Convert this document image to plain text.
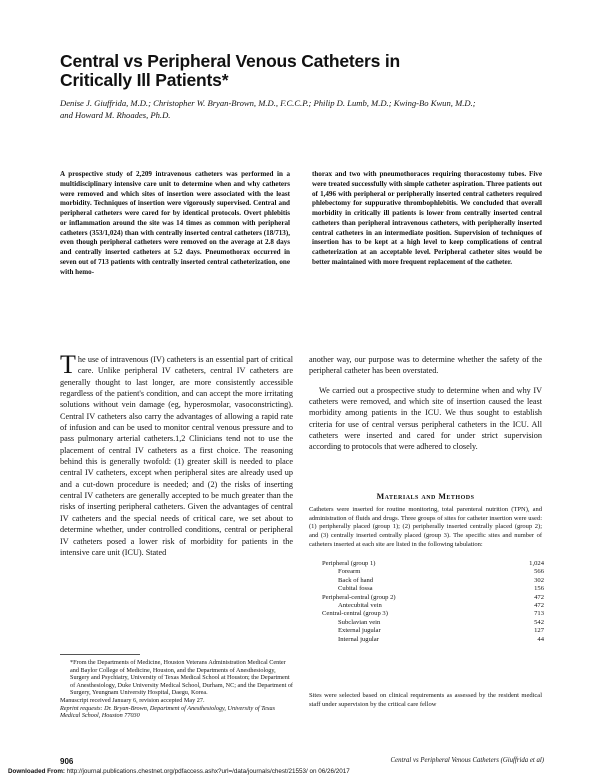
Central vs Peripheral Venous Catheters in Critically Ill Patients*
Denise J. Giuffrida, M.D.; Christopher W. Bryan-Brown, M.D., F.C.C.P.; Philip D. Lumb, M.D.; Kwing-Bo Kwun, M.D.; and Howard M. Rhoades, Ph.D.
A prospective study of 2,209 intravenous catheters was performed in a multidisciplinary intensive care unit to determine when and why catheters were removed and which sites of insertion were associated with the least morbidity. Techniques of insertion were vigorously supervised. Central and peripheral catheters were cared for by identical protocols. Overt phlebitis or inflammation around the site was 14 times as common with peripheral catheters (353/1,024) than with centrally inserted central catheters (18/713), even though peripheral catheters were removed on the average at 2.8 days and centrally inserted catheters at 5.2 days. Pneumothorax occurred in seven out of 713 patients with centrally inserted central catheterization, one with hemo-
thorax and two with pneumothoraces requiring thoracostomy tubes. Five were treated successfully with simple catheter aspiration. Three patients out of 1,496 with peripheral or peripherally inserted central catheters required phlebectomy for suppurative thrombophlebitis. We concluded that overall morbidity in critically ill patients is lower from centrally inserted central catheters than peripheral intravenous catheters, with peripherally inserted central catheters in an intermediate position. Supervision of techniques of insertion has to be kept at a high level to keep complications of central catheterization at an acceptable level. Peripheral catheter sites would be better maintained with more frequent replacement of the catheter.
The use of intravenous (IV) catheters is an essential part of critical care. Unlike peripheral IV catheters, central IV catheters are generally thought to last longer, are more consistently accessible regardless of the patient's condition, and can accept the more irritating solutions without vein damage (eg, hyperosmolar, vasoconstricting). Central IV catheters also carry the advantages of allowing a rapid rate of infusion and can be used to monitor central venous pressure and to pass pulmonary arterial catheters.1,2 Clinicians tend not to use the placement of central IV catheters as a first choice. The reasoning behind this is generally twofold: (1) greater skill is needed to place central IV catheters, except when peripheral sites are already used up and a cut-down procedure is needed; and (2) the risks of inserting central IV catheters are generally accepted to be much greater than the risks of inserting peripheral catheters. Given the advantages of central IV catheters and the special needs of critical care, we set about to determine whether, under controlled conditions, central or peripheral IV catheters posed a lower risk of morbidity for patients in the intensive care unit (ICU). Stated

another way, our purpose was to determine whether the safety of the peripheral catheter has been overstated.

We carried out a prospective study to determine when and why IV catheters were removed, and which site of insertion caused the least morbidity among patients in the ICU. We thus sought to establish criteria for use of central versus peripheral catheters in the ICU. All catheters were inserted and cared for under strict supervision according to protocols that were adhered to closely.

Materials and Methods
Catheters were inserted for routine monitoring, total parenteral nutrition (TPN), and administration of fluids and drugs. Three groups of sites for catheter insertion were used: (1) peripherally placed (group 1); (2) peripherally inserted centrally placed (group 2); and (3) centrally inserted centrally placed (group 3). The specific sites and number of catheters inserted at each site are listed in the following tabulation:
Peripheral (group 1)	1,024
Forearm	566
Back of hand	302
Cubital fossa	156
Peripheral-central (group 2)	472
Antecubital vein	472
Central-central (group 3)	713
Subclavian vein	542
External jugular	127
Internal jugular	44
Sites were selected based on clinical requirements as assessed by the resident medical staff under supervision by the critical care fellow
*From the Departments of Medicine, Houston Veterans Administration Medical Center and Baylor College of Medicine, Houston, and the Departments of Anesthesiology, Surgery and Psychiatry, University of Texas Medical School at Houston; the Department of Anesthesiology, Duke University Medical School, Durham, NC; and the Department of Surgery, Yeungnam University Hospital, Daegu, Korea.
Manuscript received January 6, revision accepted May 27.
Reprint requests: Dr. Bryan-Brown, Department of Anesthesiology, University of Texas Medical School, Houston 77030
906	Central vs Peripheral Venous Catheters (Giuffrida et al)
Downloaded From: http://journal.publications.chestnet.org/pdfaccess.ashx?url=/data/journals/chest/21553/ on 06/26/2017
